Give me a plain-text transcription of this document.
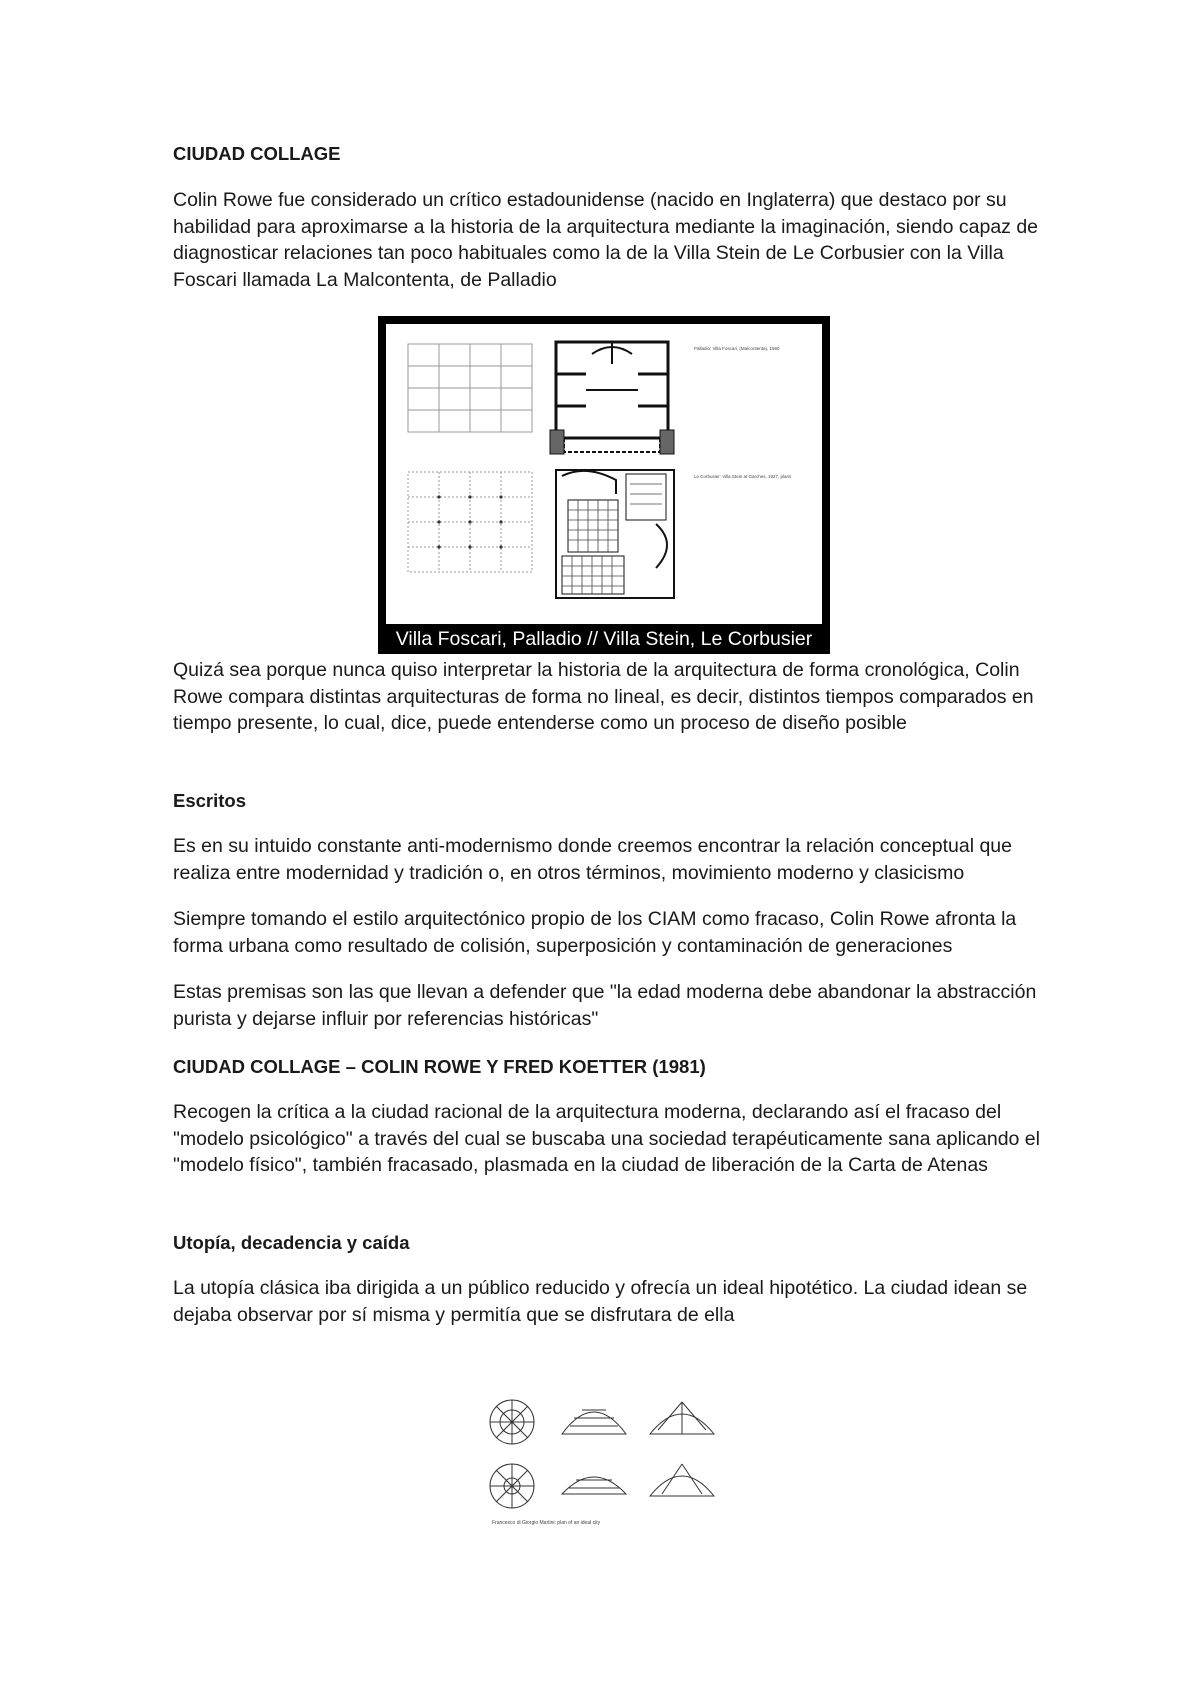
CIUDAD COLLAGE
Colin Rowe fue considerado un crítico estadounidense (nacido en Inglaterra) que destaco por su habilidad para aproximarse a la historia de la arquitectura mediante la imaginación, siendo capaz de diagnosticar relaciones tan poco habituales como la de la Villa Stein de Le Corbusier con la Villa Foscari llamada La Malcontenta, de Palladio
Palladio: Villa Foscari, (Malcontenta), 1560
Le Corbusier: Villa Stein at Garches, 1927, plans
Villa Foscari, Palladio // Villa Stein, Le Corbusier
Quizá sea porque nunca quiso interpretar la historia de la arquitectura de forma cronológica, Colin Rowe compara distintas arquitecturas de forma no lineal, es decir, distintos tiempos comparados en tiempo presente, lo cual, dice, puede entenderse como un proceso de diseño posible
Escritos
Es en su intuido constante anti-modernismo donde creemos encontrar la relación conceptual que realiza entre modernidad y tradición o, en otros términos, movimiento moderno y clasicismo
Siempre tomando el estilo arquitectónico propio de los CIAM como fracaso, Colin Rowe afronta la forma urbana como resultado de colisión, superposición y contaminación de generaciones
Estas premisas son las que llevan a defender que "la edad moderna debe abandonar la abstracción purista y dejarse influir por referencias históricas"
CIUDAD COLLAGE – COLIN ROWE Y FRED KOETTER (1981)
Recogen la crítica a la ciudad racional de la arquitectura moderna, declarando así el fracaso del "modelo psicológico" a través del cual se buscaba una sociedad terapéuticamente sana aplicando el "modelo físico", también fracasado, plasmada en la ciudad de liberación de la Carta de Atenas
Utopía, decadencia y caída
La utopía clásica iba dirigida a un público reducido y ofrecía un ideal hipotético. La ciudad idean se dejaba observar por sí misma y permitía que se disfrutara de ella
Francesco di Giorgio Martini: plan of an ideal city
